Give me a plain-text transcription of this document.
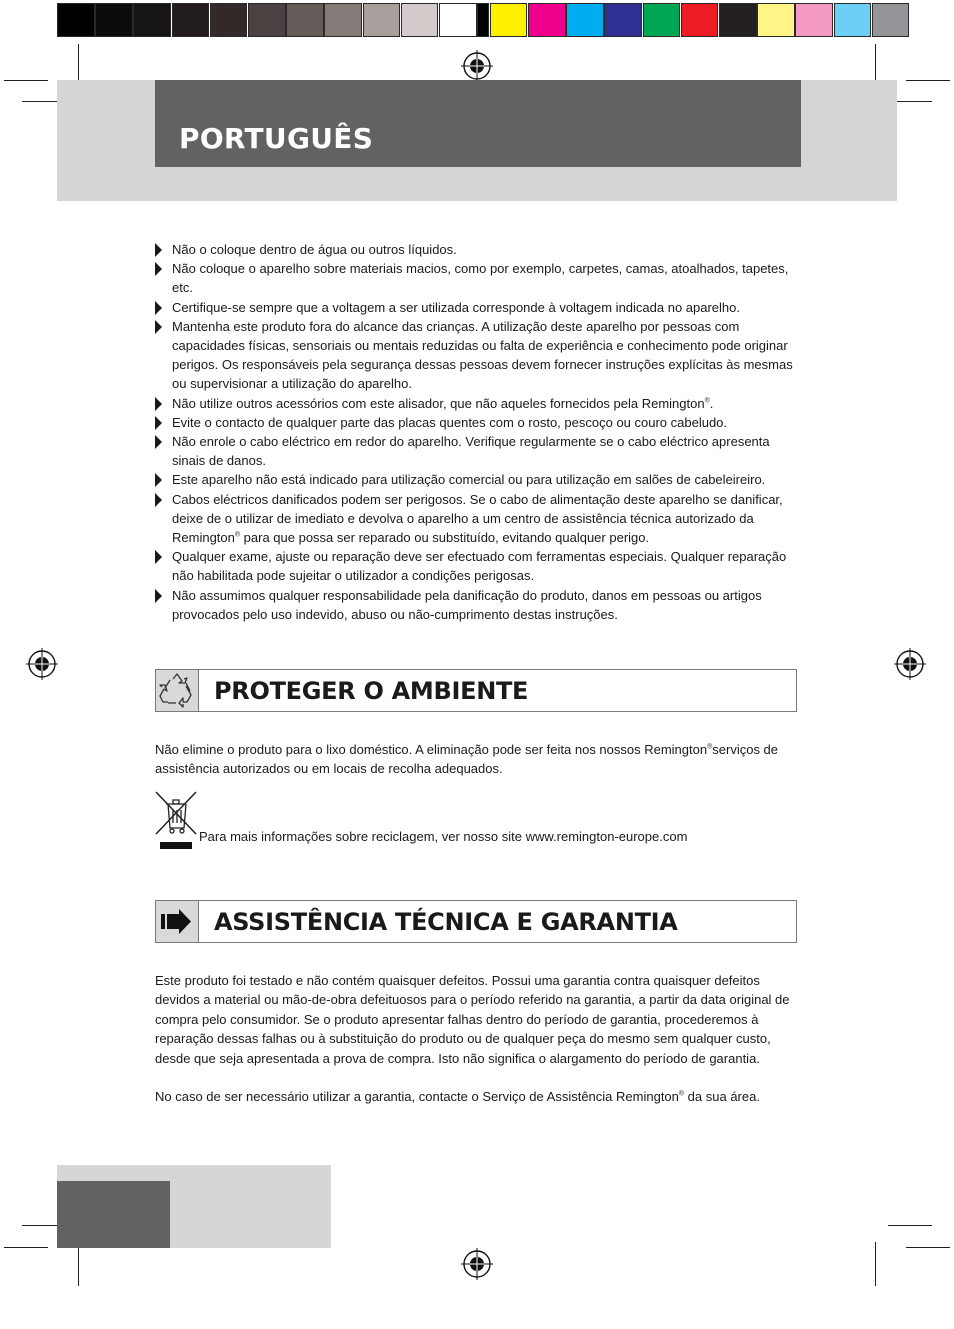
PORTUGUÊS
Não o coloque dentro de água ou outros líquidos.
Não coloque o aparelho sobre materiais macios, como por exemplo, carpetes, camas, atoalhados, tapetes, etc.
Certifique-se sempre que a voltagem a ser utilizada corresponde à voltagem indicada no aparelho.
Mantenha este produto fora do alcance das crianças. A utilização deste aparelho por pessoas com capacidades físicas, sensoriais ou mentais reduzidas ou falta de experiência e conhecimento pode originar perigos. Os responsáveis pela segurança dessas pessoas devem fornecer instruções explícitas às mesmas ou supervisionar a utilização do aparelho.
Não utilize outros acessórios com este alisador, que não aqueles fornecidos pela Remington®.
Evite o contacto de qualquer parte das placas quentes com o rosto, pescoço ou couro cabeludo.
Não enrole o cabo eléctrico em redor do aparelho. Verifique regularmente se o cabo eléctrico apresenta sinais de danos.
Este aparelho não está indicado para utilização comercial ou para utilização em salões de cabeleireiro.
Cabos eléctricos danificados podem ser perigosos. Se o cabo de alimentação deste aparelho se danificar, deixe de o utilizar de imediato e devolva o aparelho a um centro de assistência técnica autorizado da Remington® para que possa ser reparado ou substituído, evitando qualquer perigo.
Qualquer exame, ajuste ou reparação deve ser efectuado com ferramentas especiais. Qualquer reparação não habilitada pode sujeitar o utilizador a condições perigosas.
Não assumimos qualquer responsabilidade pela danificação do produto, danos em pessoas ou artigos provocados pelo uso indevido, abuso ou não-cumprimento destas instruções.
PROTEGER O AMBIENTE

Não elimine o produto para o lixo doméstico. A eliminação pode ser feita nos nossos Remington®serviços de assistência autorizados ou em locais de recolha adequados.

Para mais informações sobre reciclagem, ver nosso site www.remington-europe.com

ASSISTÊNCIA TÉCNICA E GARANTIA

Este produto foi testado e não contém quaisquer defeitos. Possui uma garantia contra quaisquer defeitos devidos a material ou mão-de-obra defeituosos para o período referido na garantia, a partir da data original de compra pelo consumidor. Se o produto apresentar falhas dentro do período de garantia, procederemos à reparação dessas falhas ou à substituição do produto ou de qualquer peça do mesmo sem qualquer custo, desde que seja apresentada a prova de compra. Isto não significa o alargamento do período de garantia.

No caso de ser necessário utilizar a garantia, contacte o Serviço de Assistência Remington® da sua área.
